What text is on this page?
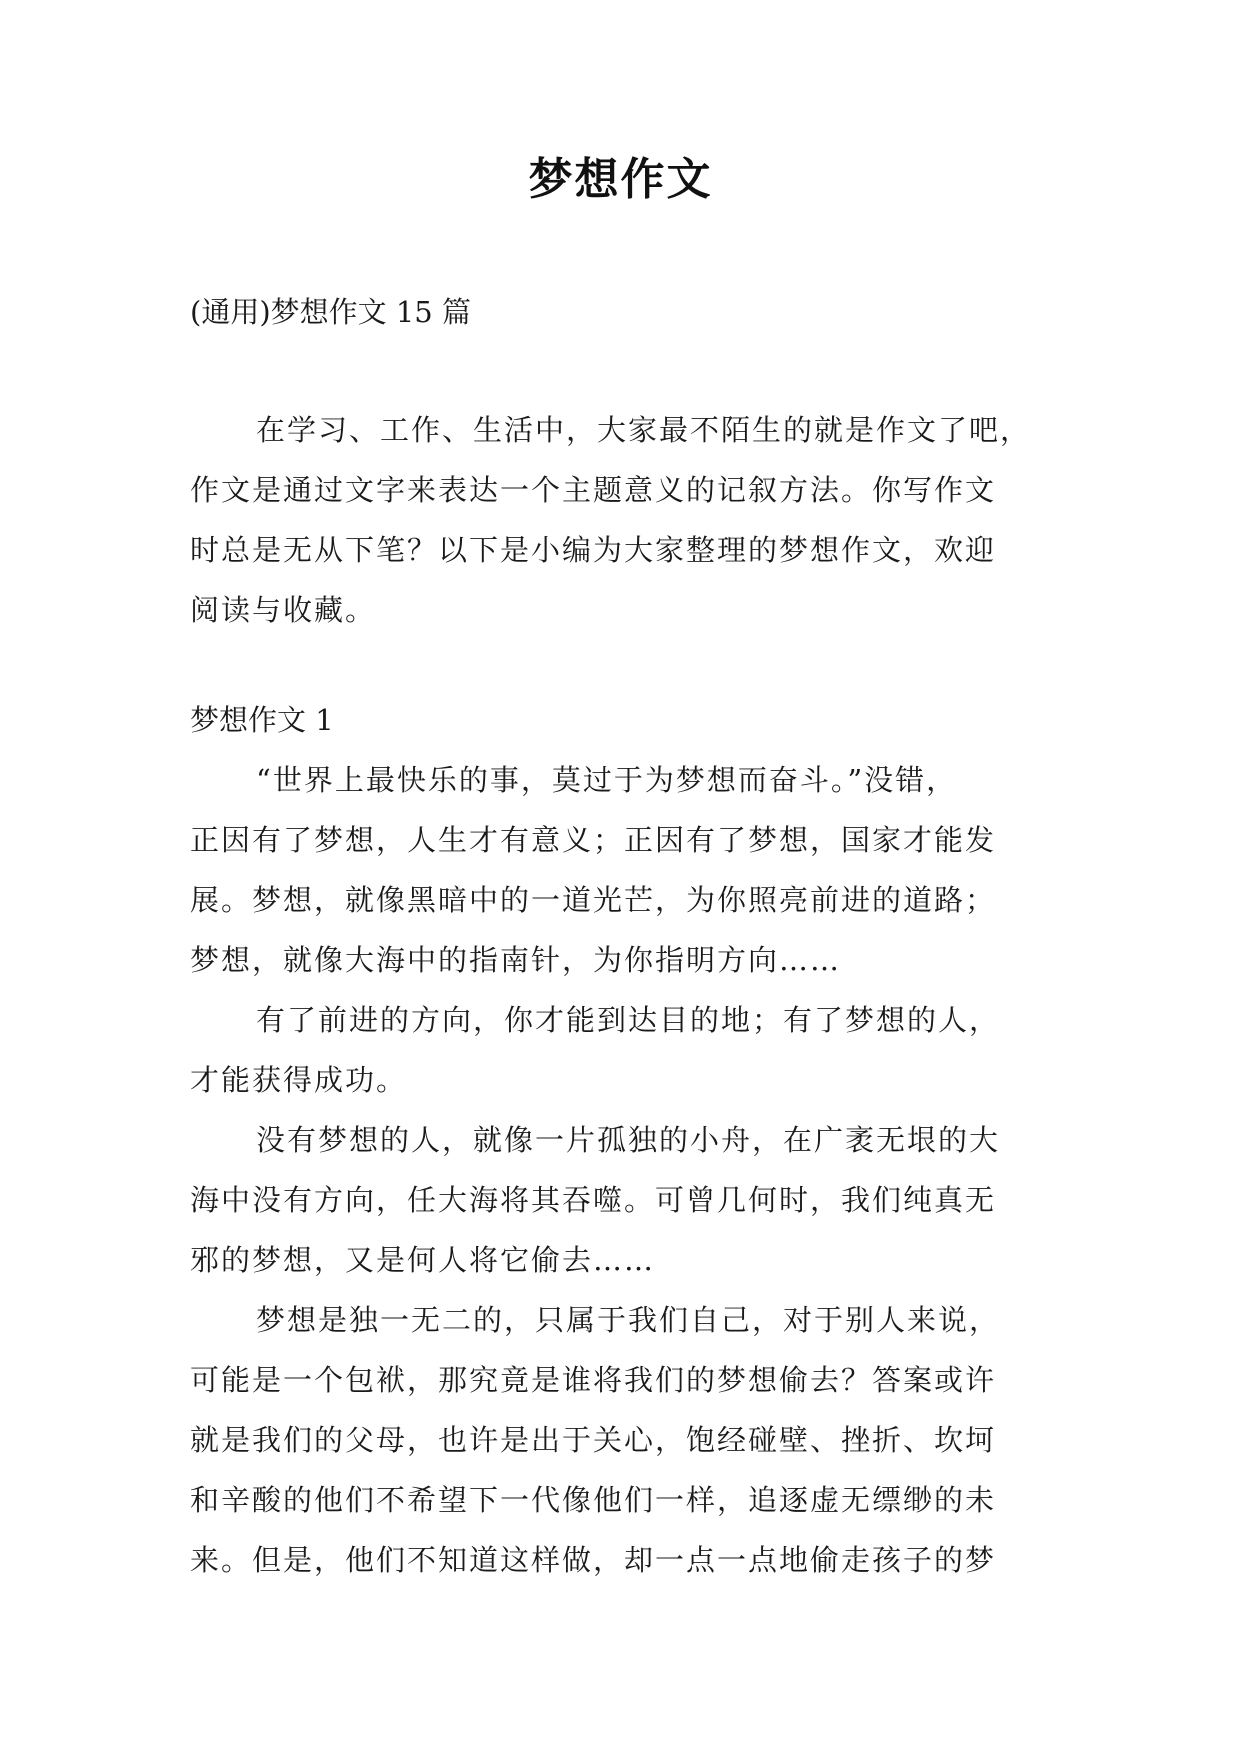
梦想作文
(通用)梦想作文 15 篇
在学习、工作、生活中，大家最不陌生的就是作文了吧，
作文是通过文字来表达一个主题意义的记叙方法。你写作文
时总是无从下笔？以下是小编为大家整理的梦想作文，欢迎
阅读与收藏。
梦想作文 1
“世界上最快乐的事，莫过于为梦想而奋斗。”没错，
正因有了梦想，人生才有意义；正因有了梦想，国家才能发
展。梦想，就像黑暗中的一道光芒，为你照亮前进的道路；
梦想，就像大海中的指南针，为你指明方向……
有了前进的方向，你才能到达目的地；有了梦想的人，
才能获得成功。
没有梦想的人，就像一片孤独的小舟，在广袤无垠的大
海中没有方向，任大海将其吞噬。可曾几何时，我们纯真无
邪的梦想，又是何人将它偷去……
梦想是独一无二的，只属于我们自己，对于别人来说，
可能是一个包袱，那究竟是谁将我们的梦想偷去？答案或许
就是我们的父母，也许是出于关心，饱经碰壁、挫折、坎坷
和辛酸的他们不希望下一代像他们一样，追逐虚无缥缈的未
来。但是，他们不知道这样做，却一点一点地偷走孩子的梦
